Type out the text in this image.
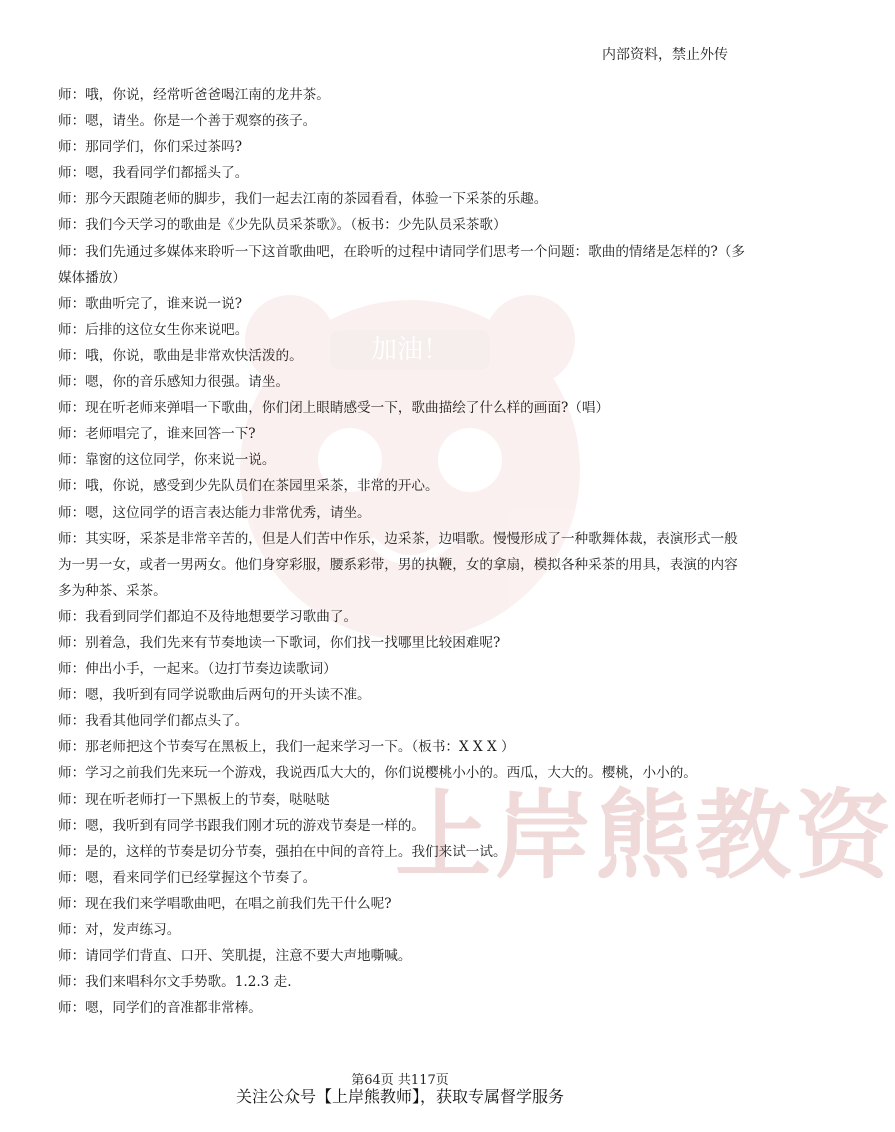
加油！
上岸熊教资
内部资料，禁止外传

师：哦，你说，经常听爸爸喝江南的龙井茶。

师：嗯，请坐。你是一个善于观察的孩子。

师：那同学们，你们采过茶吗?

师：嗯，我看同学们都摇头了。

师：那今天跟随老师的脚步，我们一起去江南的茶园看看，体验一下采茶的乐趣。

师：我们今天学习的歌曲是《少先队员采茶歌》。（板书：少先队员采茶歌）

师：我们先通过多媒体来聆听一下这首歌曲吧，在聆听的过程中请同学们思考一个问题：歌曲的情绪是怎样的?（多媒体播放）

师：歌曲听完了，谁来说一说?

师：后排的这位女生你来说吧。

师：哦，你说，歌曲是非常欢快活泼的。

师：嗯，你的音乐感知力很强。请坐。

师：现在听老师来弹唱一下歌曲，你们闭上眼睛感受一下，歌曲描绘了什么样的画面?（唱）

师：老师唱完了，谁来回答一下?

师：靠窗的这位同学，你来说一说。

师：哦，你说，感受到少先队员们在茶园里采茶，非常的开心。

师：嗯，这位同学的语言表达能力非常优秀，请坐。

师：其实呀，采茶是非常辛苦的，但是人们苦中作乐，边采茶，边唱歌。慢慢形成了一种歌舞体裁，表演形式一般为一男一女，或者一男两女。他们身穿彩服，腰系彩带，男的执鞭，女的拿扇，模拟各种采茶的用具，表演的内容多为种茶、采茶。

师：我看到同学们都迫不及待地想要学习歌曲了。

师：别着急，我们先来有节奏地读一下歌词，你们找一找哪里比较困难呢?

师：伸出小手，一起来。（边打节奏边读歌词）

师：嗯，我听到有同学说歌曲后两句的开头读不准。

师：我看其他同学们都点头了。

师：那老师把这个节奏写在黑板上，我们一起来学习一下。（板书：X X X ）

师：学习之前我们先来玩一个游戏，我说西瓜大大的，你们说樱桃小小的。西瓜，大大的。樱桃，小小的。

师：现在听老师打一下黑板上的节奏，哒哒哒

师：嗯，我听到有同学书跟我们刚才玩的游戏节奏是一样的。

师：是的，这样的节奏是切分节奏，强拍在中间的音符上。我们来试一试。

师：嗯，看来同学们已经掌握这个节奏了。

师：现在我们来学唱歌曲吧，在唱之前我们先干什么呢?

师：对，发声练习。

师：请同学们背直、口开、笑肌提，注意不要大声地嘶喊。

师：我们来唱科尔文手势歌。1.2.3 走.

师：嗯，同学们的音准都非常棒。

第64页 共117页
关注公众号【上岸熊教师】，获取专属督学服务
